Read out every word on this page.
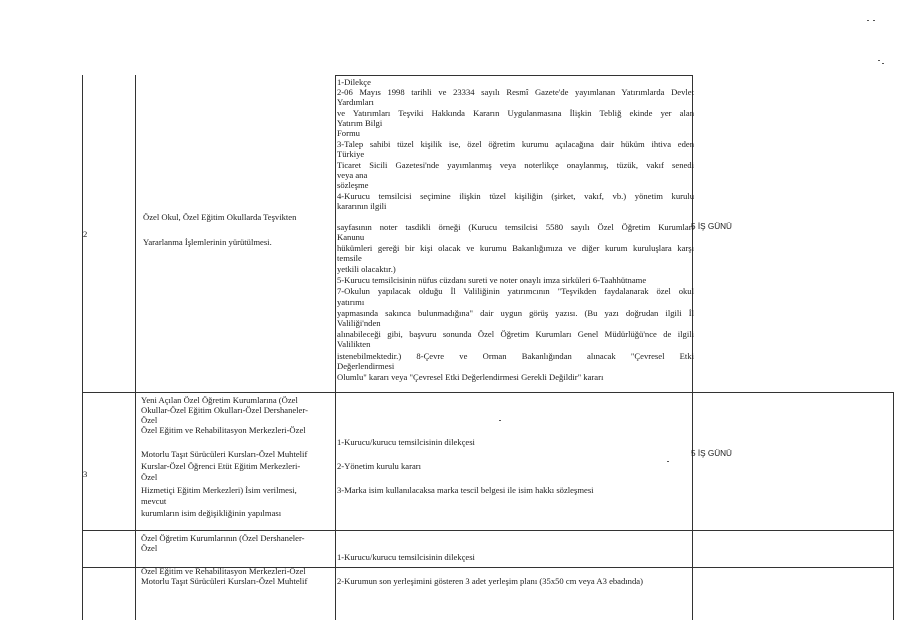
2
Özel Okul, Özel Eğitim Okullarda Teşvikten
Yararlanma İşlemlerinin yürütülmesi.
1-Dilekçe
2-06 Mayıs 1998 tarihli ve 23334 sayılı Resmî Gazete'de yayımlanan Yatırımlarda Devlet
Yardımları
ve Yatırımları Teşviki Hakkında Kararın Uygulanmasına İlişkin Tebliğ ekinde yer alan
Yatırım Bilgi
Formu
3-Talep sahibi tüzel kişilik ise, özel öğretim kurumu açılacağına dair hüküm ihtiva eden
Türkiye
Ticaret Sicili Gazetesi'nde yayımlanmış veya noterlikçe onaylanmış, tüzük, vakıf senedi
veya ana
sözleşme
4-Kurucu temsilcisi seçimine ilişkin tüzel kişiliğin (şirket, vakıf, vb.) yönetim kurulu
kararının ilgili
sayfasının noter tasdikli örneği (Kurucu temsilcisi 5580 sayılı Özel Öğretim Kurumları
Kanunu
hükümleri gereği bir kişi olacak ve kurumu Bakanlığımıza ve diğer kurum kuruluşlara karşı
temsile
yetkili olacaktır.)
5-Kurucu temsilcisinin nüfus cüzdanı sureti ve noter onaylı imza sirküleri 6-Taahhütname
7-Okulun yapılacak olduğu İl Valiliğinin yatırımcının "Teşvikden faydalanarak özel okul
yatırımı
yapmasında sakınca bulunmadığına" dair uygun görüş yazısı. (Bu yazı doğrudan ilgili İl
Valiliği'nden
alınabileceği gibi, başvuru sonunda Özel Öğretim Kurumları Genel Müdürlüğü'nce de ilgili
Valilikten
istenebilmektedir.) 8-Çevre ve Orman Bakanlığından alınacak "Çevresel Etki
Değerlendirmesi
Olumlu" kararı veya "Çevresel Etki Değerlendirmesi Gerekli Değildir" kararı
5 İŞ GÜNÜ
3
Yeni Açılan Özel Öğretim Kurumlarına (Özel
Okullar-Özel Eğitim Okulları-Özel Dershaneler-
Özel
Özel Eğitim ve Rehabilitasyon Merkezleri-Özel
Motorlu Taşıt Sürücüleri Kursları-Özel Muhtelif
Kurslar-Özel Öğrenci Etüt Eğitim Merkezleri-
Özel
Hizmetiçi Eğitim Merkezleri) İsim verilmesi,
mevcut
kurumların isim değişikliğinin yapılması
1-Kurucu/kurucu temsilcisinin dilekçesi
2-Yönetim kurulu kararı
3-Marka isim kullanılacaksa marka tescil belgesi ile isim hakkı sözleşmesi
5 İŞ GÜNÜ
Özel Öğretim Kurumlarının (Özel Dershaneler-
Özel
Özel Eğitim ve Rehabilitasyon Merkezleri-Özel
Motorlu Taşıt Sürücüleri Kursları-Özel Muhtelif
1-Kurucu/kurucu temsilcisinin dilekçesi
2-Kurumun son yerleşimini gösteren 3 adet yerleşim planı (35x50 cm veya A3 ebadında)
